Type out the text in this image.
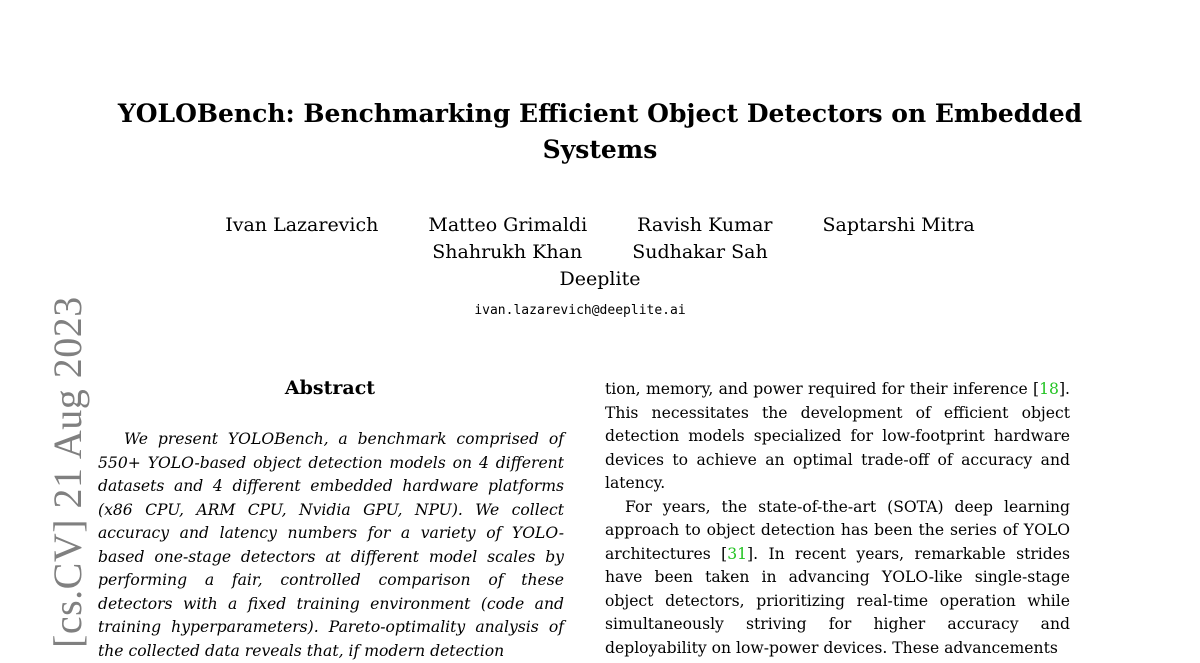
[cs.CV] 21 Aug 2023
YOLOBench: Benchmarking Efficient Object Detectors on Embedded Systems
Ivan Lazarevich	Matteo Grimaldi	Ravish Kumar	Saptarshi Mitra
Shahrukh Khan	Sudhakar Sah
Deeplite
ivan.lazarevich@deeplite.ai
Abstract

We present YOLOBench, a benchmark comprised of 550+ YOLO-based object detection models on 4 different datasets and 4 different embedded hardware platforms (x86 CPU, ARM CPU, Nvidia GPU, NPU). We collect accuracy and latency numbers for a variety of YOLO-based one-stage detectors at different model scales by performing a fair, controlled comparison of these detectors with a fixed training environment (code and training hyperparameters). Pareto-optimality analysis of the collected data reveals that, if modern detection

tion, memory, and power required for their inference [18]. This necessitates the development of efficient object detection models specialized for low-footprint hardware devices to achieve an optimal trade-off of accuracy and latency.

For years, the state-of-the-art (SOTA) deep learning approach to object detection has been the series of YOLO architectures [31]. In recent years, remarkable strides have been taken in advancing YOLO-like single-stage object detectors, prioritizing real-time operation while simultaneously striving for higher accuracy and deployability on low-power devices. These advancements
